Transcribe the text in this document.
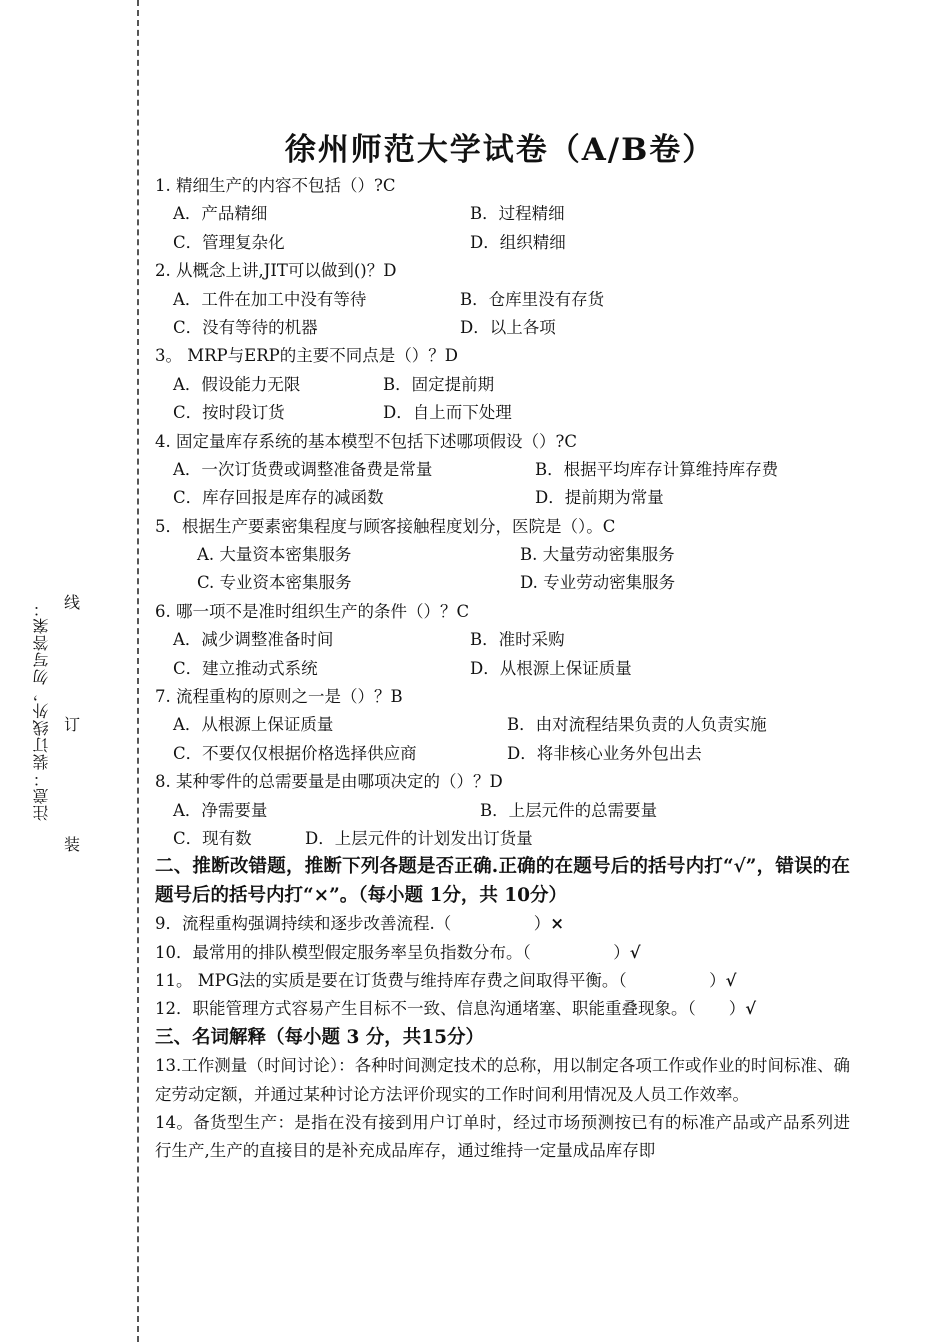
注意：装订线外，勿写答案： 线
订
装
徐州师范大学试卷（A/B卷）
1. 精细生产的内容不包括（）?C
A．产品精细	B．过程精细
C．管理复杂化	D．组织精细
2. 从概念上讲,JIT可以做到()？D
A．工件在加工中没有等待	B．仓库里没有存货
C．没有等待的机器	D．以上各项
3。 MRP与ERP的主要不同点是（）？D
A．假设能力无限	B．固定提前期
C．按时段订货	D．自上而下处理
4. 固定量库存系统的基本模型不包括下述哪项假设（）?C
A．一次订货费或调整准备费是常量	B．根据平均库存计算维持库存费
C．库存回报是库存的减函数	D．提前期为常量
5．根据生产要素密集程度与顾客接触程度划分，医院是（）。C
A. 大量资本密集服务	B. 大量劳动密集服务
C. 专业资本密集服务	D. 专业劳动密集服务
6. 哪一项不是准时组织生产的条件（）？C
A．减少调整准备时间	B．准时采购
C．建立推动式系统	D．从根源上保证质量
7. 流程重构的原则之一是（）？B
A．从根源上保证质量	B．由对流程结果负责的人负责实施
C．不要仅仅根据价格选择供应商	D．将非核心业务外包出去
8. 某种零件的总需要量是由哪项决定的（）？D
A．净需要量	B．上层元件的总需要量
C．现有数	D．上层元件的计划发出订货量
二、推断改错题，推断下列各题是否正确.正确的在题号后的括号内打“√”，错误的在题号后的括号内打“×”。（每小题 1分，共 10分）
9．流程重构强调持续和逐步改善流程.（　　　　　）×
10．最常用的排队模型假定服务率呈负指数分布。（　　　　　）√
11。 MPG法的实质是要在订货费与维持库存费之间取得平衡。（　　　　　）√
12．职能管理方式容易产生目标不一致、信息沟通堵塞、职能重叠现象。（　　）√
三、名词解释（每小题 3 分，共15分）
13.工作测量（时间讨论）：各种时间测定技术的总称，用以制定各项工作或作业的时间标准、确定劳动定额，并通过某种讨论方法评价现实的工作时间利用情况及人员工作效率。
14。备货型生产：是指在没有接到用户订单时，经过市场预测按已有的标准产品或产品系列进行生产,生产的直接目的是补充成品库存，通过维持一定量成品库存即
